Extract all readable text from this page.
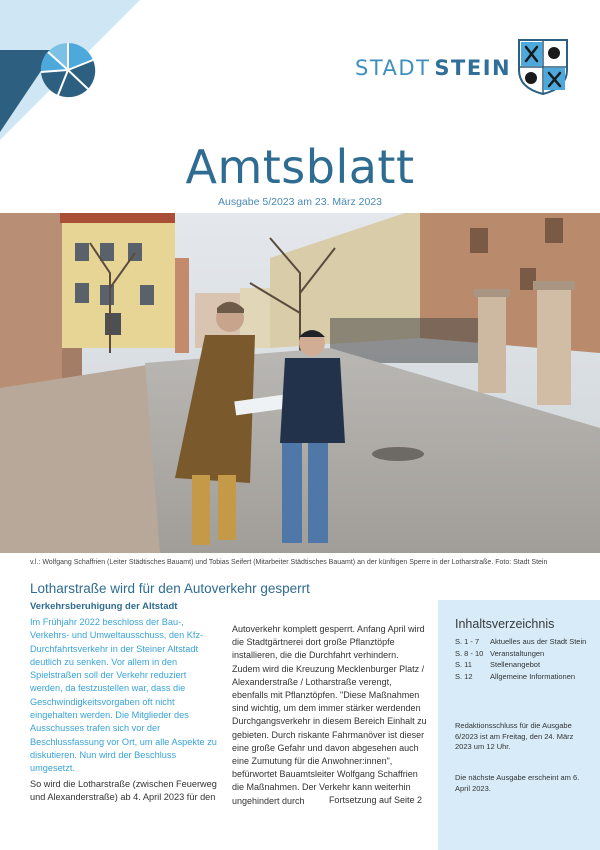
STADT STEIN
Amtsblatt
Ausgabe 5/2023 am 23. März 2023
v.l.: Wolfgang Schaffrien (Leiter Städtisches Bauamt) und Tobias Seifert (Mitarbeiter Städtisches Bauamt) an der künftigen Sperre in der Lotharstraße. Foto: Stadt Stein
Lotharstraße wird für den Autoverkehr gesperrt
Verkehrsberuhigung der Altstadt
Im Frühjahr 2022 beschloss der Bau-, Verkehrs- und Umweltausschuss, den Kfz-Durchfahrtsverkehr in der Steiner Altstadt deutlich zu senken. Vor allem in den Spielstraßen soll der Verkehr reduziert werden, da festzustellen war, dass die Geschwindigkeitsvorgaben oft nicht eingehalten werden. Die Mitglieder des Ausschusses trafen sich vor der Beschlussfassung vor Ort, um alle Aspekte zu diskutieren. Nun wird der Beschluss umgesetzt.
So wird die Lotharstraße (zwischen Feuerweg und Alexanderstraße) ab 4. April 2023 für den
Autoverkehr komplett gesperrt. Anfang April wird die Stadtgärtnerei dort große Pflanztöpfe installieren, die die Durchfahrt verhindern. Zudem wird die Kreuzung Mecklenburger Platz / Alexanderstraße / Lotharstraße verengt, ebenfalls mit Pflanztöpfen. "Diese Maßnahmen sind wichtig, um dem immer stärker werdenden Durchgangsverkehr in diesem Bereich Einhalt zu gebieten. Durch riskante Fahrmanöver ist dieser eine große Gefahr und davon abgesehen auch eine Zumutung für die Anwohner:innen", befürwortet Bauamtsleiter Wolfgang Schaffrien die Maßnahmen. Der Verkehr kann weiterhin ungehindert durch	Fortsetzung auf Seite 2
Inhaltsverzeichnis
S. 1 - 7	Aktuelles aus der Stadt Stein
S. 8 - 10 Veranstaltungen
S. 11	Stellenangebot
S. 12	Allgemeine Informationen
Redaktionsschluss für die Ausgabe 6/2023 ist am Freitag, den 24. März 2023 um 12 Uhr.
Die nächste Ausgabe erscheint am 6. April 2023.
